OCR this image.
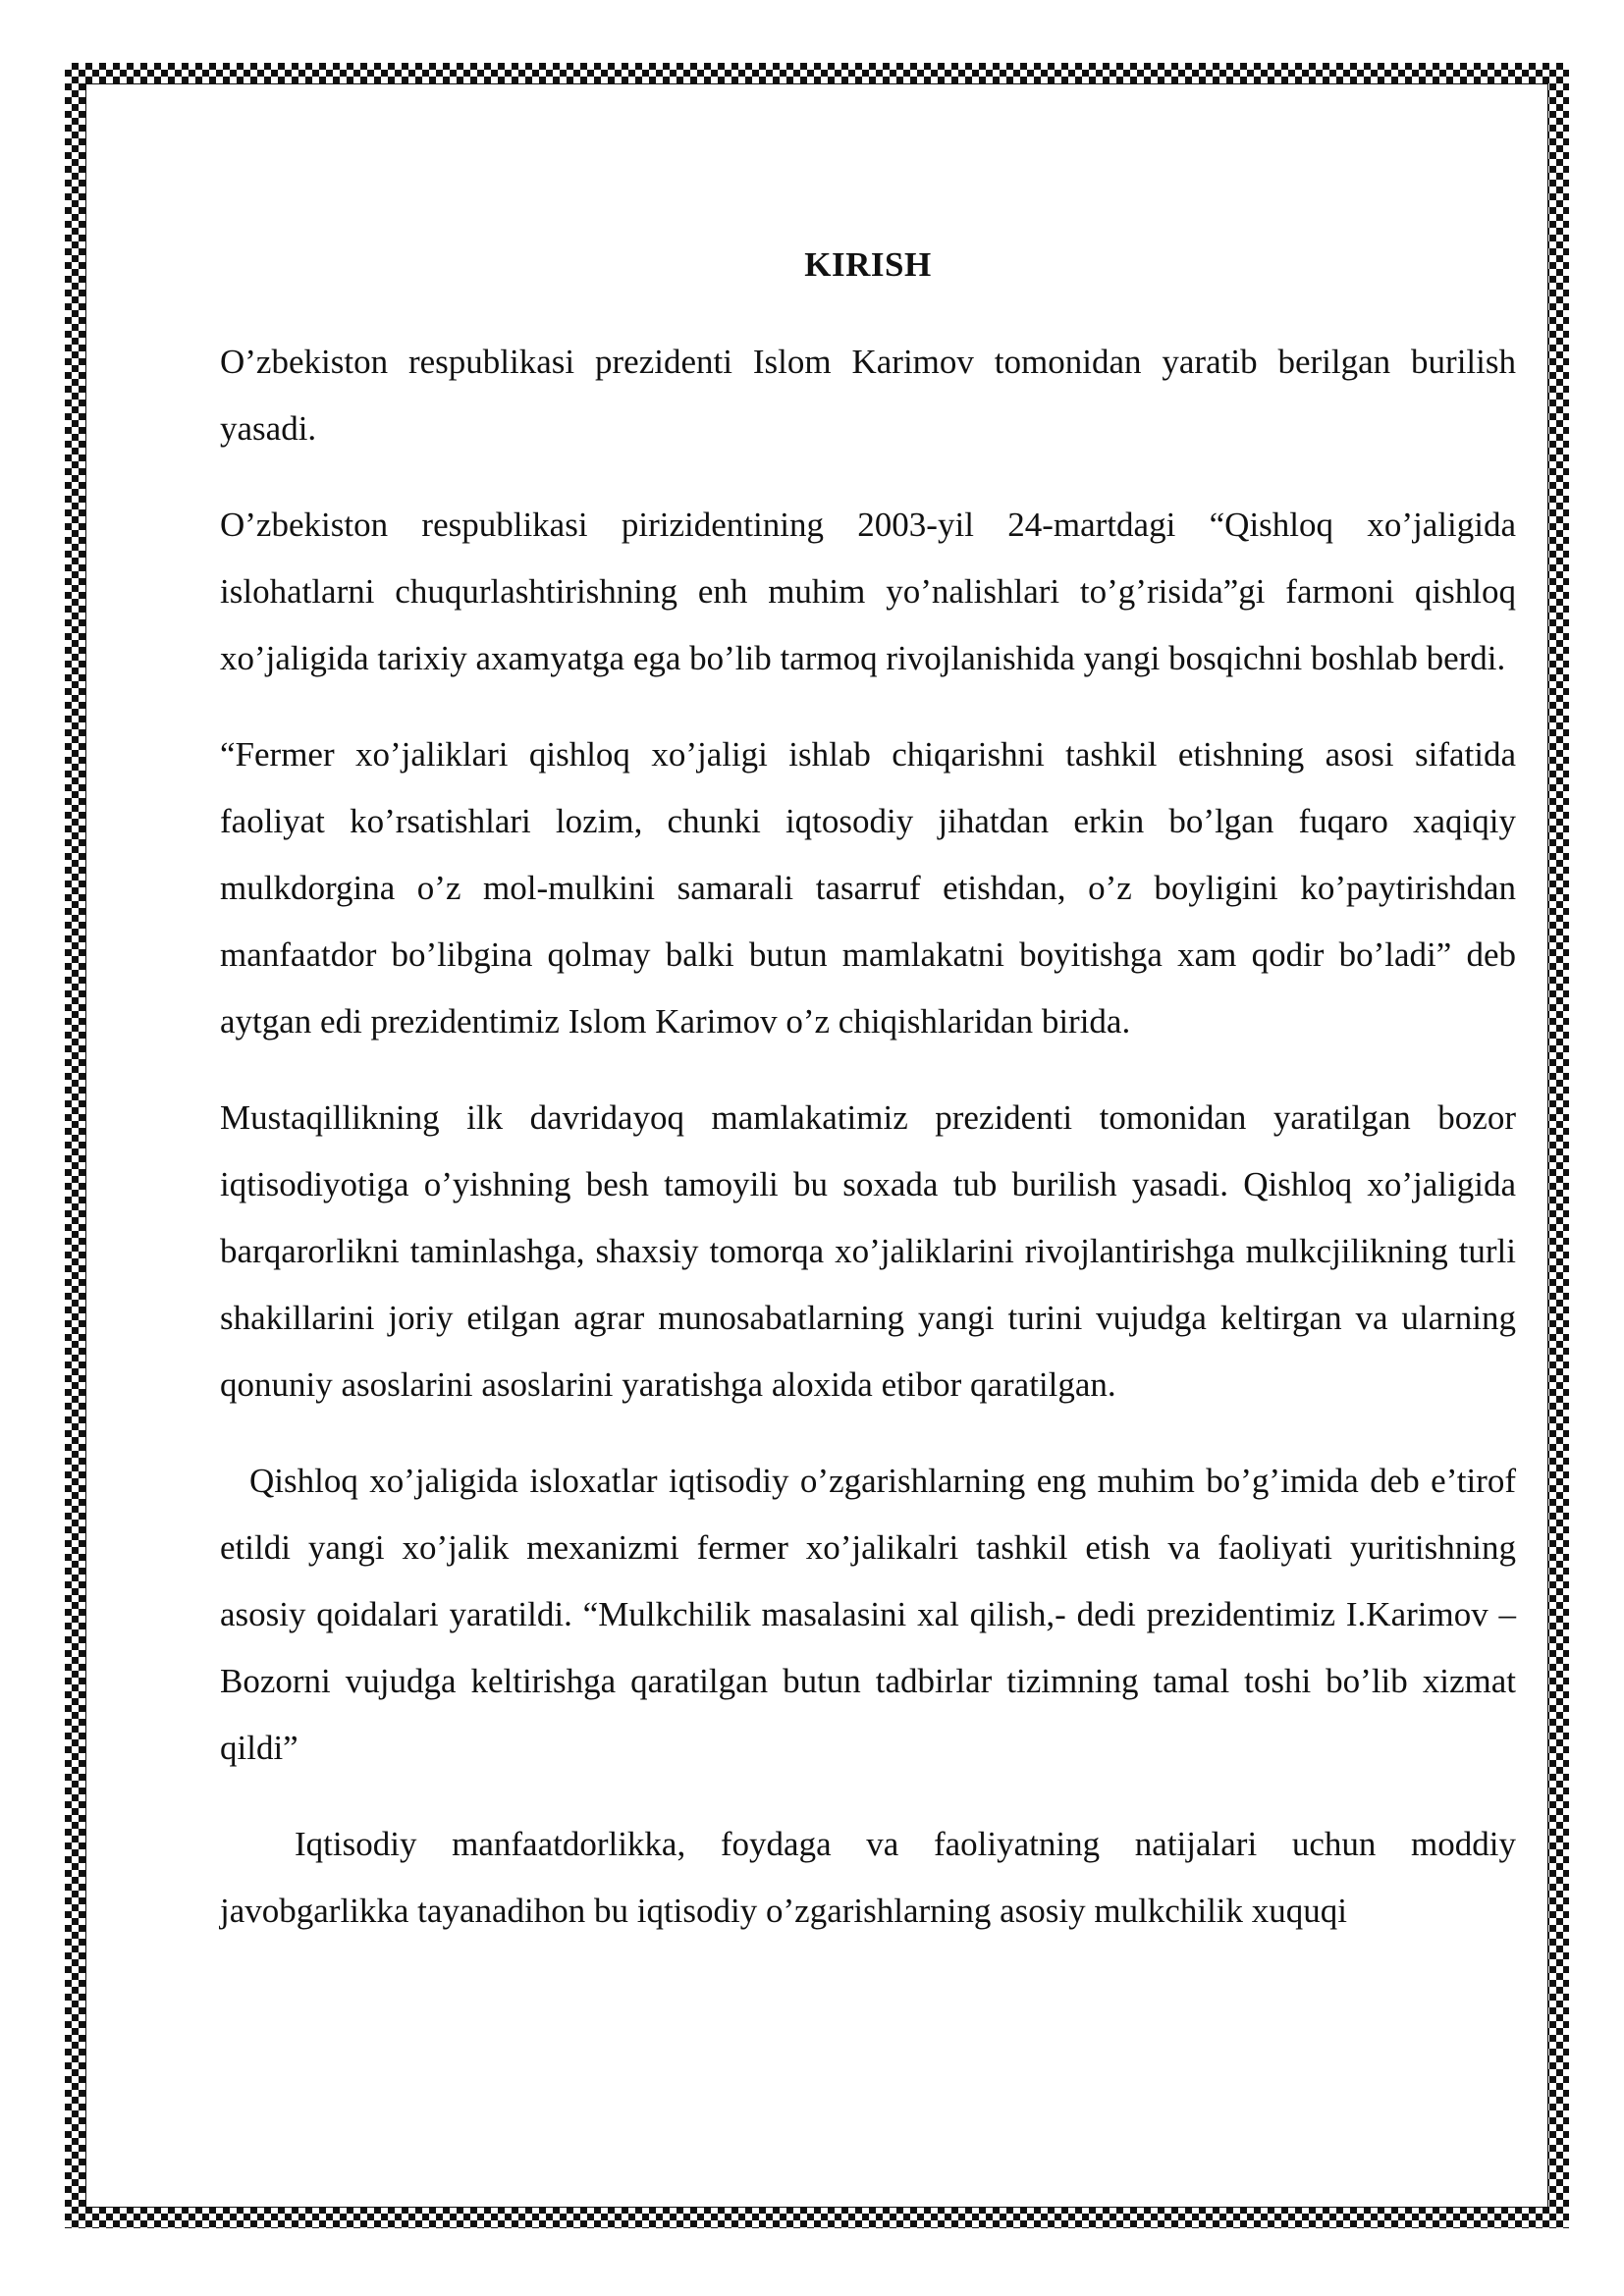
KIRISH

O’zbekiston respublikasi prezidenti Islom Karimov tomonidan yaratib berilgan burilish yasadi.

O’zbekiston respublikasi pirizidentining 2003-yil 24-martdagi “Qishloq xo’jaligida islohatlarni chuqurlashtirishning enh muhim yo’nalishlari to’g’risida”gi farmoni qishloq xo’jaligida tarixiy axamyatga ega bo’lib tarmoq rivojlanishida yangi bosqichni boshlab berdi.

“Fermer xo’jaliklari qishloq xo’jaligi ishlab chiqarishni tashkil etishning asosi sifatida faoliyat ko’rsatishlari lozim, chunki iqtosodiy jihatdan erkin bo’lgan fuqaro xaqiqiy mulkdorgina o’z mol-mulkini samarali tasarruf etishdan, o’z boyligini ko’paytirishdan manfaatdor bo’libgina qolmay balki butun mamlakatni boyitishga xam qodir bo’ladi” deb aytgan edi prezidentimiz Islom Karimov o’z chiqishlaridan birida.

Mustaqillikning ilk davridayoq mamlakatimiz prezidenti tomonidan yaratilgan bozor iqtisodiyotiga o’yishning besh tamoyili bu soxada tub burilish yasadi. Qishloq xo’jaligida barqarorlikni taminlashga, shaxsiy tomorqa xo’jaliklarini rivojlantirishga mulkcjilikning turli shakillarini joriy etilgan agrar munosabatlarning yangi turini vujudga keltirgan va ularning qonuniy asoslarini asoslarini yaratishga aloxida etibor qaratilgan.

Qishloq xo’jaligida isloxatlar iqtisodiy o’zgarishlarning eng muhim bo’g’imida deb e’tirof etildi yangi xo’jalik mexanizmi fermer xo’jalikalri tashkil etish va faoliyati yuritishning asosiy qoidalari yaratildi. “Mulkchilik masalasini xal qilish,- dedi prezidentimiz I.Karimov – Bozorni vujudga keltirishga qaratilgan butun tadbirlar tizimning tamal toshi bo’lib xizmat qildi”

Iqtisodiy manfaatdorlikka, foydaga va faoliyatning natijalari uchun moddiy javobgarlikka tayanadihon bu iqtisodiy o’zgarishlarning asosiy mulkchilik xuquqi
